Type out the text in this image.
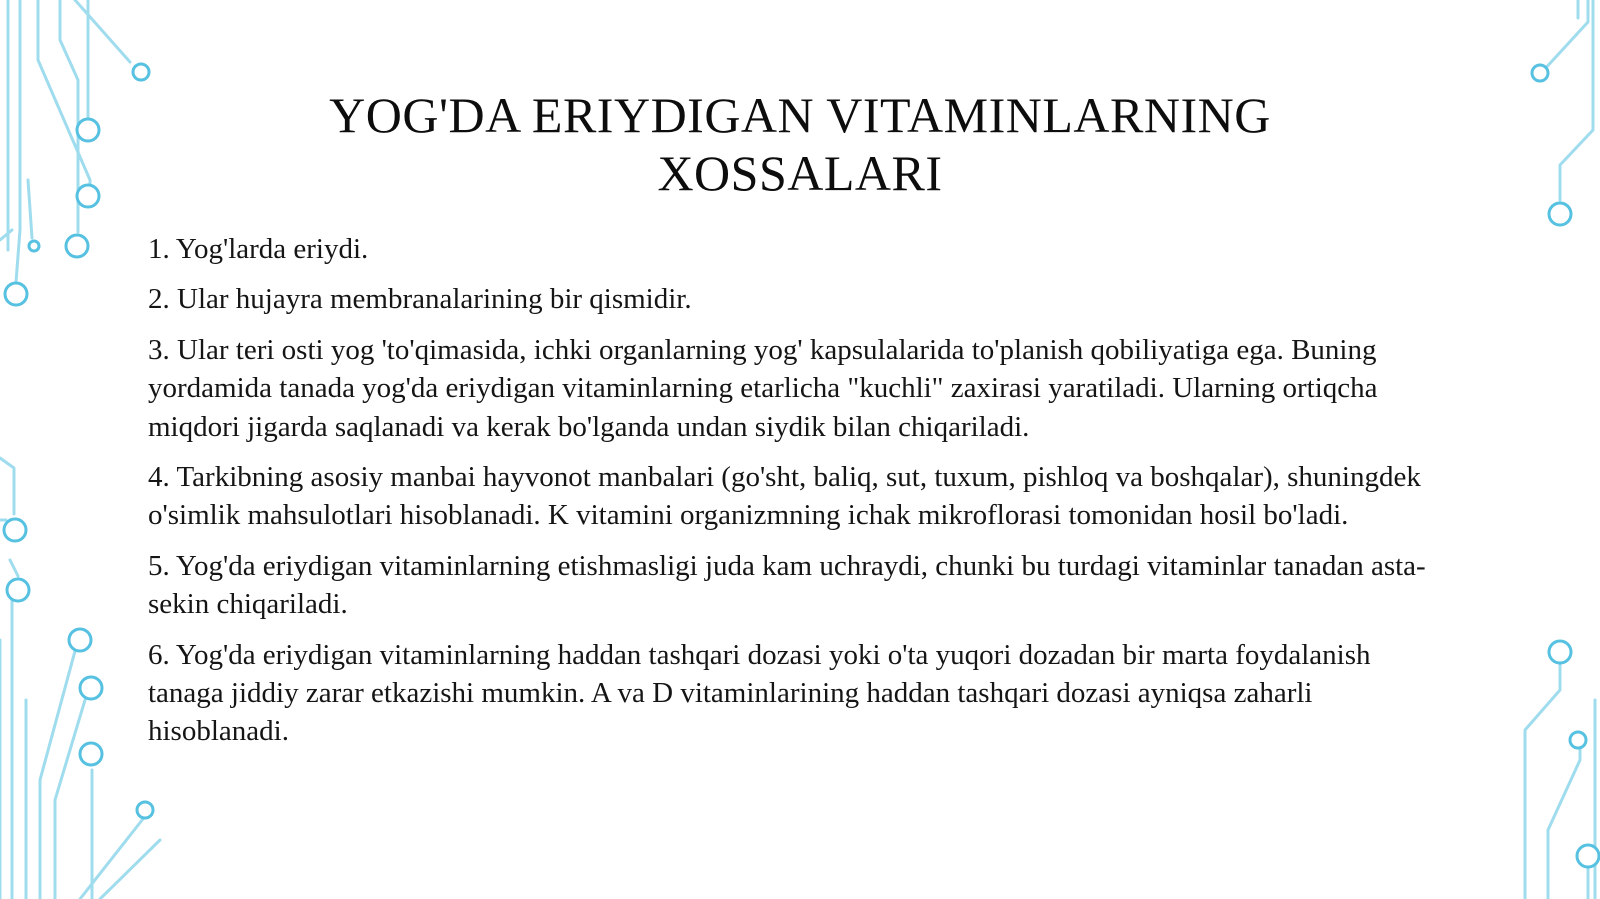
YOG'DA ERIYDIGAN VITAMINLARNING
XOSSALARI

1. Yog'larda eriydi.

2. Ular hujayra membranalarining bir qismidir.

3. Ular teri osti yog 'to'qimasida, ichki organlarning yog' kapsulalarida to'planish qobiliyatiga ega. Buning yordamida tanada yog'da eriydigan vitaminlarning etarlicha "kuchli" zaxirasi yaratiladi. Ularning ortiqcha miqdori jigarda saqlanadi va kerak bo'lganda undan siydik bilan chiqariladi.

4. Tarkibning asosiy manbai hayvonot manbalari (go'sht, baliq, sut, tuxum, pishloq va boshqalar), shuningdek o'simlik mahsulotlari hisoblanadi. K vitamini organizmning ichak mikroflorasi tomonidan hosil bo'ladi.

5. Yog'da eriydigan vitaminlarning etishmasligi juda kam uchraydi, chunki bu turdagi vitaminlar tanadan asta-sekin chiqariladi.

6. Yog'da eriydigan vitaminlarning haddan tashqari dozasi yoki o'ta yuqori dozadan bir marta foydalanish tanaga jiddiy zarar etkazishi mumkin. A va D vitaminlarining haddan tashqari dozasi ayniqsa zaharli hisoblanadi.
